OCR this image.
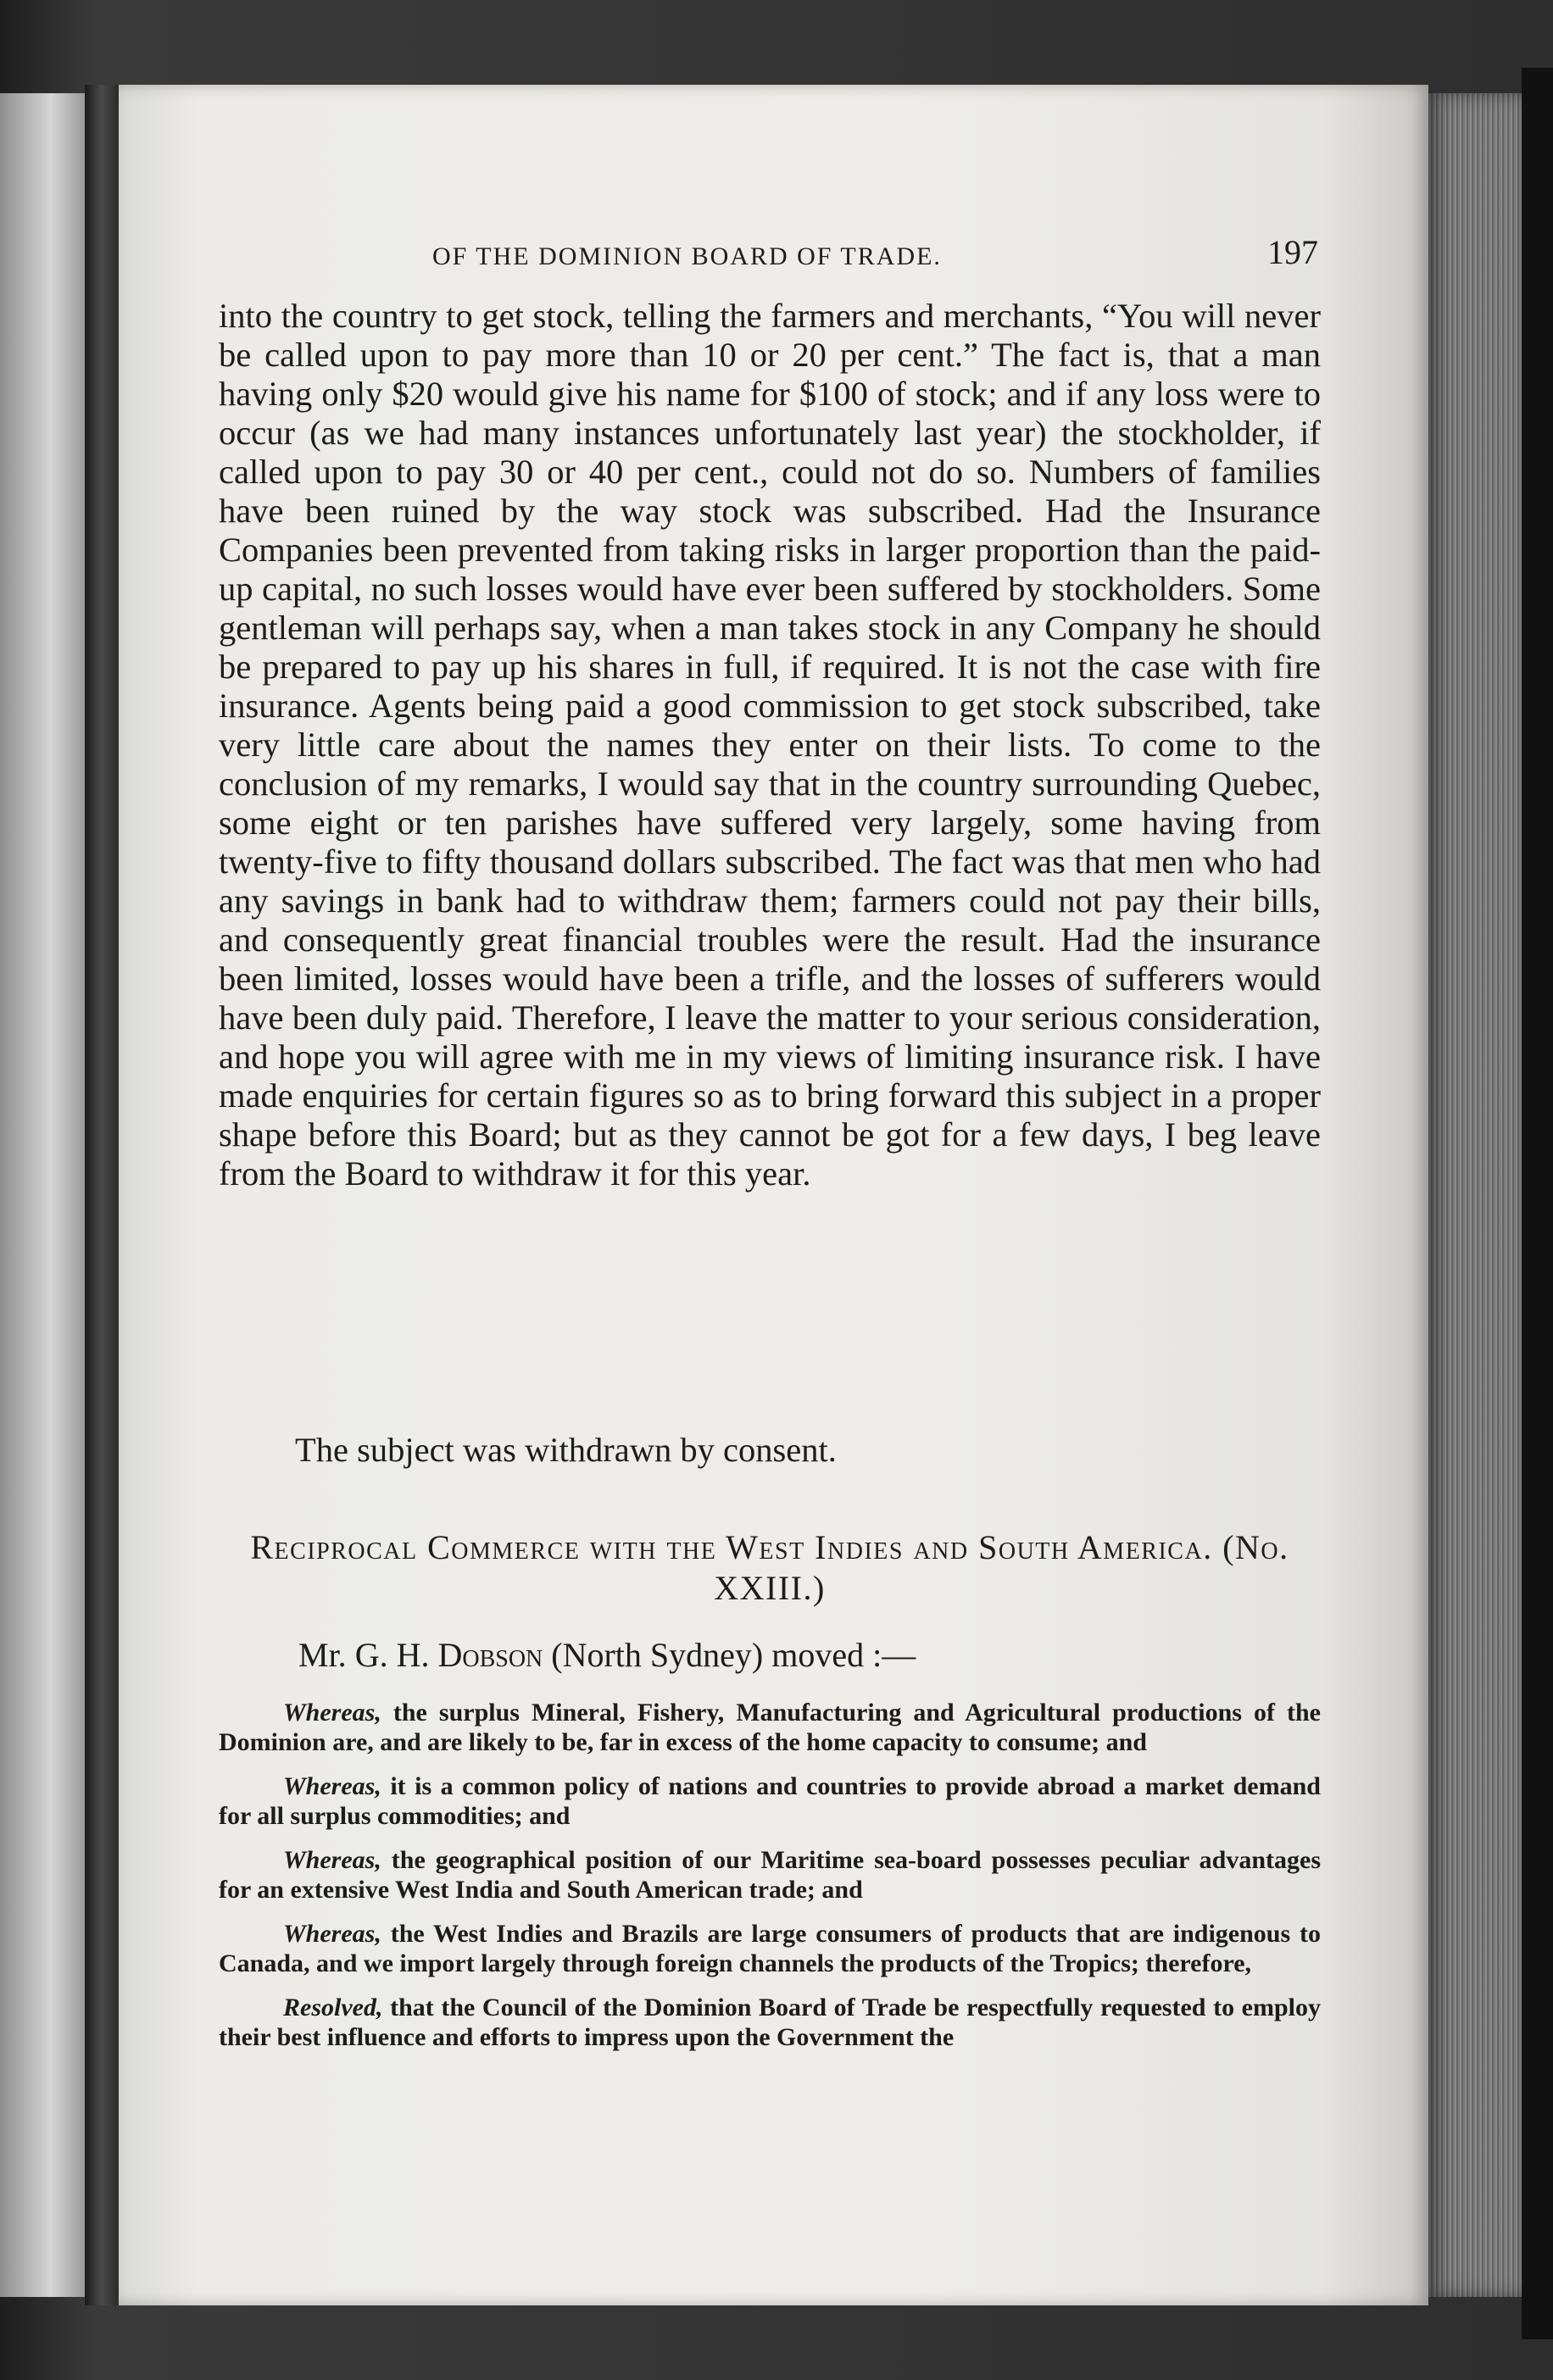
OF THE DOMINION BOARD OF TRADE.	197

into the country to get stock, telling the farmers and merchants, “You will never be called upon to pay more than 10 or 20 per cent.” The fact is, that a man having only $20 would give his name for $100 of stock; and if any loss were to occur (as we had many instances unfortunately last year) the stockholder, if called upon to pay 30 or 40 per cent., could not do so. Numbers of families have been ruined by the way stock was subscribed. Had the Insurance Companies been prevented from taking risks in larger proportion than the paid-up capital, no such losses would have ever been suffered by stockholders. Some gentleman will perhaps say, when a man takes stock in any Company he should be prepared to pay up his shares in full, if required. It is not the case with fire insurance. Agents being paid a good commission to get stock subscribed, take very little care about the names they enter on their lists. To come to the conclusion of my remarks, I would say that in the country surrounding Quebec, some eight or ten parishes have suffered very largely, some having from twenty-five to fifty thousand dollars subscribed. The fact was that men who had any savings in bank had to withdraw them; farmers could not pay their bills, and consequently great financial troubles were the result. Had the insurance been limited, losses would have been a trifle, and the losses of sufferers would have been duly paid. Therefore, I leave the matter to your serious consideration, and hope you will agree with me in my views of limiting insurance risk. I have made enquiries for certain figures so as to bring forward this subject in a proper shape before this Board; but as they cannot be got for a few days, I beg leave from the Board to withdraw it for this year.

The subject was withdrawn by consent.
Reciprocal Commerce with the West Indies and South America. (No. XXIII.)
Mr. G. H. Dobson (North Sydney) moved :—

Whereas, the surplus Mineral, Fishery, Manufacturing and Agricultural productions of the Dominion are, and are likely to be, far in excess of the home capacity to consume; and

Whereas, it is a common policy of nations and countries to provide abroad a market demand for all surplus commodities; and

Whereas, the geographical position of our Maritime sea-board possesses peculiar advantages for an extensive West India and South American trade; and

Whereas, the West Indies and Brazils are large consumers of products that are indigenous to Canada, and we import largely through foreign channels the products of the Tropics; therefore,

Resolved, that the Council of the Dominion Board of Trade be respectfully requested to employ their best influence and efforts to impress upon the Government the
